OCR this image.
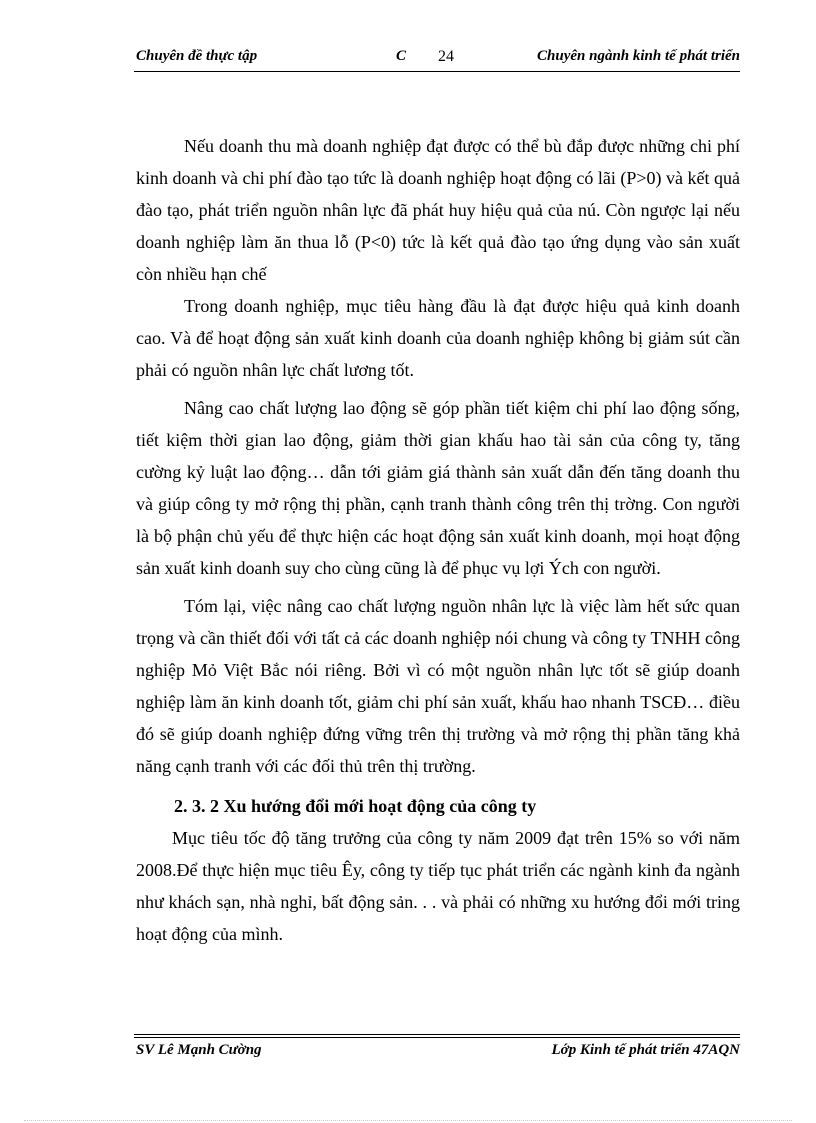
Chuyên đề thực tập	C 24	Chuyên ngành kinh tế phát triển

Nếu doanh thu mà doanh nghiệp đạt được có thể bù đắp được những chi phí kinh doanh và chi phí đào tạo tức là doanh nghiệp hoạt động có lãi (P>0) và kết quả đào tạo, phát triển nguồn nhân lực đã phát huy hiệu quả của nú. Còn ngược lại nếu doanh nghiệp làm ăn thua lỗ (P<0) tức là kết quả đào tạo ứng dụng vào sản xuất còn nhiều hạn chế

Trong doanh nghiệp, mục tiêu hàng đầu là đạt được hiệu quả kinh doanh cao. Và để hoạt động sản xuất kinh doanh của doanh nghiệp không bị giảm sút cần phải có nguồn nhân lực chất lương tốt.

Nâng cao chất lượng lao động sẽ góp phần tiết kiệm chi phí lao động sống, tiết kiệm thời gian lao động, giảm thời gian khấu hao tài sản của công ty, tăng cường kỷ luật lao động… dẫn tới giảm giá thành sản xuất dẫn đến tăng doanh thu và giúp công ty mở rộng thị phần, cạnh tranh thành công trên thị trờng. Con người là bộ phận chủ yếu để thực hiện các hoạt động sản xuất kinh doanh, mọi hoạt động sản xuất kinh doanh suy cho cùng cũng là để phục vụ lợi Ých con người.

Tóm lại, việc nâng cao chất lượng nguồn nhân lực là việc làm hết sức quan trọng và cần thiết đối với tất cả các doanh nghiệp nói chung và công ty TNHH công nghiệp Mỏ Việt Bắc nói riêng. Bởi vì có một nguồn nhân lực tốt sẽ giúp doanh nghiệp làm ăn kinh doanh tốt, giảm chi phí sản xuất, khấu hao nhanh TSCĐ… điều đó sẽ giúp doanh nghiệp đứng vững trên thị trường và mở rộng thị phần tăng khả năng cạnh tranh với các đối thủ trên thị trường.

2. 3. 2 Xu hướng đổi mới hoạt động của công ty

Mục tiêu tốc độ tăng trưởng của công ty năm 2009 đạt trên 15% so với năm 2008.Để thực hiện mục tiêu Êy, công ty tiếp tục phát triển các ngành kinh đa ngành như khách sạn, nhà nghỉ, bất động sản. . . và phải có những xu hướng đổi mới tring hoạt động của mình.

SV Lê Mạnh Cường	Lớp Kinh tế phát triển 47AQN
